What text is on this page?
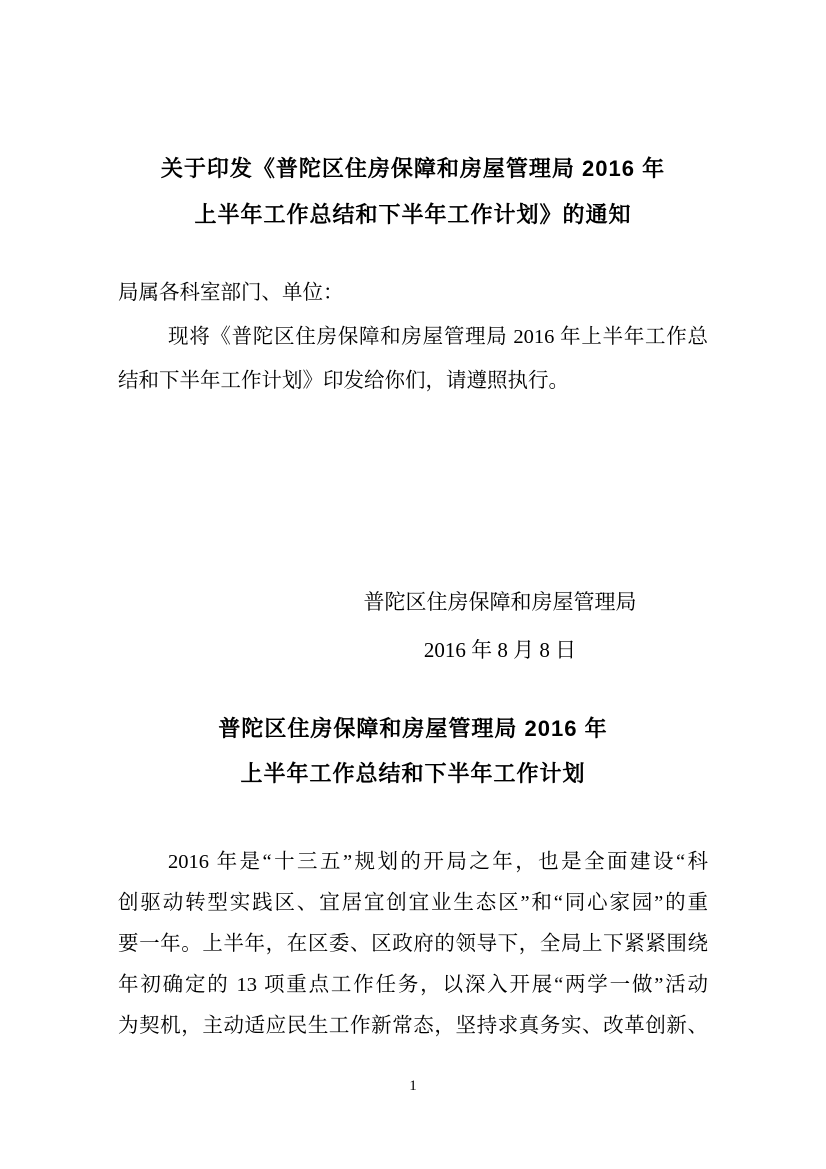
关于印发《普陀区住房保障和房屋管理局 2016 年
上半年工作总结和下半年工作计划》的通知
局属各科室部门、单位：
现将《普陀区住房保障和房屋管理局 2016 年上半年工作总
结和下半年工作计划》印发给你们，请遵照执行。
普陀区住房保障和房屋管理局
2016 年 8 月 8 日
普陀区住房保障和房屋管理局 2016 年
上半年工作总结和下半年工作计划
2016 年是“十三五”规划的开局之年，也是全面建设“科
创驱动转型实践区、宜居宜创宜业生态区”和“同心家园”的重
要一年。上半年，在区委、区政府的领导下，全局上下紧紧围绕
年初确定的 13 项重点工作任务，以深入开展“两学一做”活动
为契机，主动适应民生工作新常态，坚持求真务实、改革创新、
1
